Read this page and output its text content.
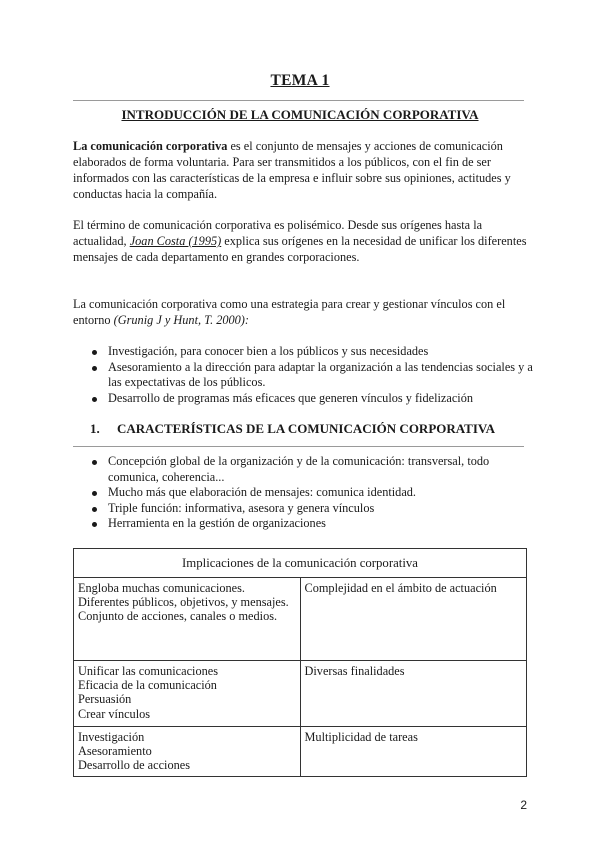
TEMA 1
INTRODUCCIÓN DE LA COMUNICACIÓN CORPORATIVA
La comunicación corporativa es el conjunto de mensajes y acciones de comunicación elaborados de forma voluntaria. Para ser transmitidos a los públicos, con el fin de ser informados con las características de la empresa e influir sobre sus opiniones, actitudes y conductas hacia la compañía.
El término de comunicación corporativa es polisémico. Desde sus orígenes hasta la actualidad, Joan Costa (1995) explica sus orígenes en la necesidad de unificar los diferentes mensajes de cada departamento en grandes corporaciones.
La comunicación corporativa como una estrategia para crear y gestionar vínculos con el entorno (Grunig J y Hunt, T. 2000):
Investigación, para conocer bien a los públicos y sus necesidades
Asesoramiento a la dirección para adaptar la organización a las tendencias sociales y a las expectativas de los públicos.
Desarrollo de programas más eficaces que generen vínculos y fidelización
1. CARACTERÍSTICAS DE LA COMUNICACIÓN CORPORATIVA
Concepción global de la organización y de la comunicación: transversal, todo comunica, coherencia...
Mucho más que elaboración de mensajes: comunica identidad.
Triple función: informativa, asesora y genera vínculos
Herramienta en la gestión de organizaciones
Implicaciones de la comunicación corporativa	

Engloba muchas comunicaciones.
Diferentes públicos, objetivos, y mensajes.
Conjunto de acciones, canales o medios.	Complejidad en el ámbito de actuación

Unificar las comunicaciones
Eficacia de la comunicación
Persuasión
Crear vínculos	Diversas finalidades

Investigación
Asesoramiento
Desarrollo de acciones	Multiplicidad de tareas
2
